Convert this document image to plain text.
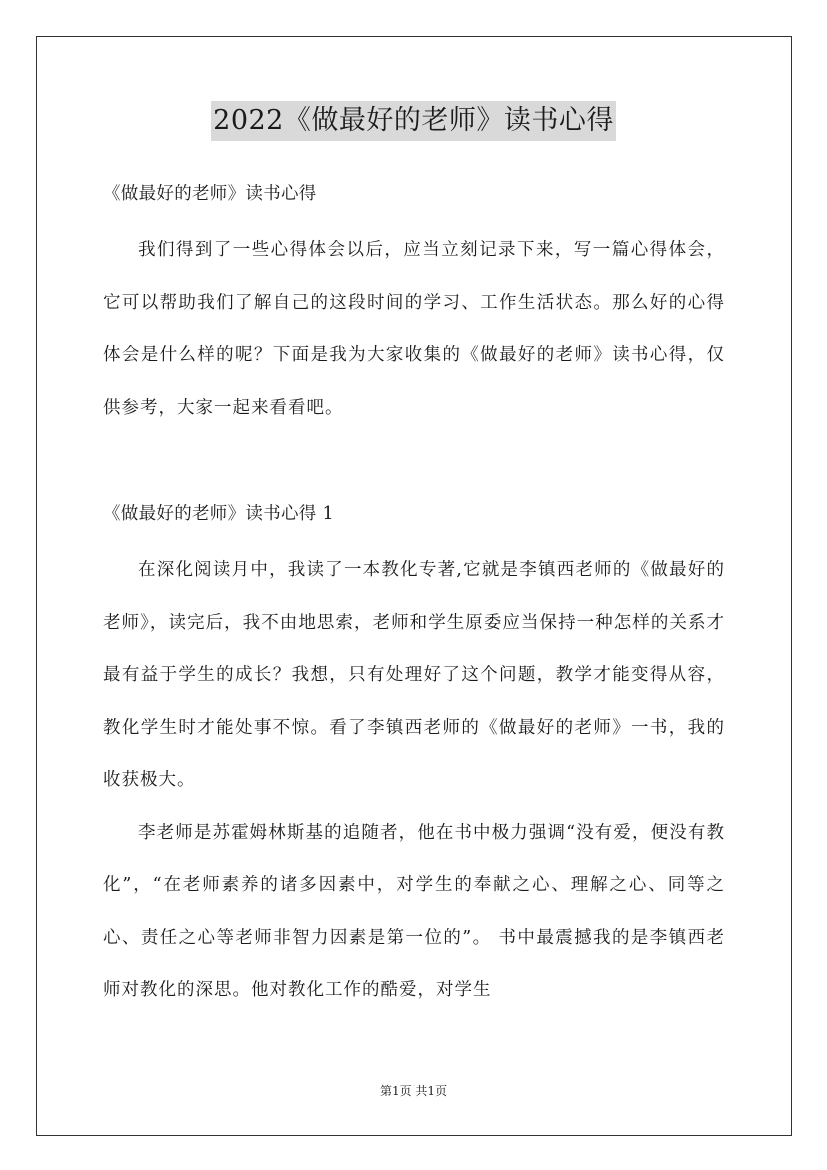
2022《做最好的老师》读书心得
《做最好的老师》读书心得

我们得到了一些心得体会以后，应当立刻记录下来，写一篇心得体会，它可以帮助我们了解自己的这段时间的学习、工作生活状态。那么好的心得体会是什么样的呢？下面是我为大家收集的《做最好的老师》读书心得，仅供参考，大家一起来看看吧。

《做最好的老师》读书心得 1

在深化阅读月中，我读了一本教化专著,它就是李镇西老师的《做最好的老师》，读完后，我不由地思索，老师和学生原委应当保持一种怎样的关系才最有益于学生的成长？我想，只有处理好了这个问题，教学才能变得从容，教化学生时才能处事不惊。看了李镇西老师的《做最好的老师》一书，我的收获极大。

李老师是苏霍姆林斯基的追随者，他在书中极力强调“没有爱，便没有教化”，“在老师素养的诸多因素中，对学生的奉献之心、理解之心、同等之心、责任之心等老师非智力因素是第一位的”。 书中最震撼我的是李镇西老师对教化的深思。他对教化工作的酷爱，对学生

第1页 共1页
